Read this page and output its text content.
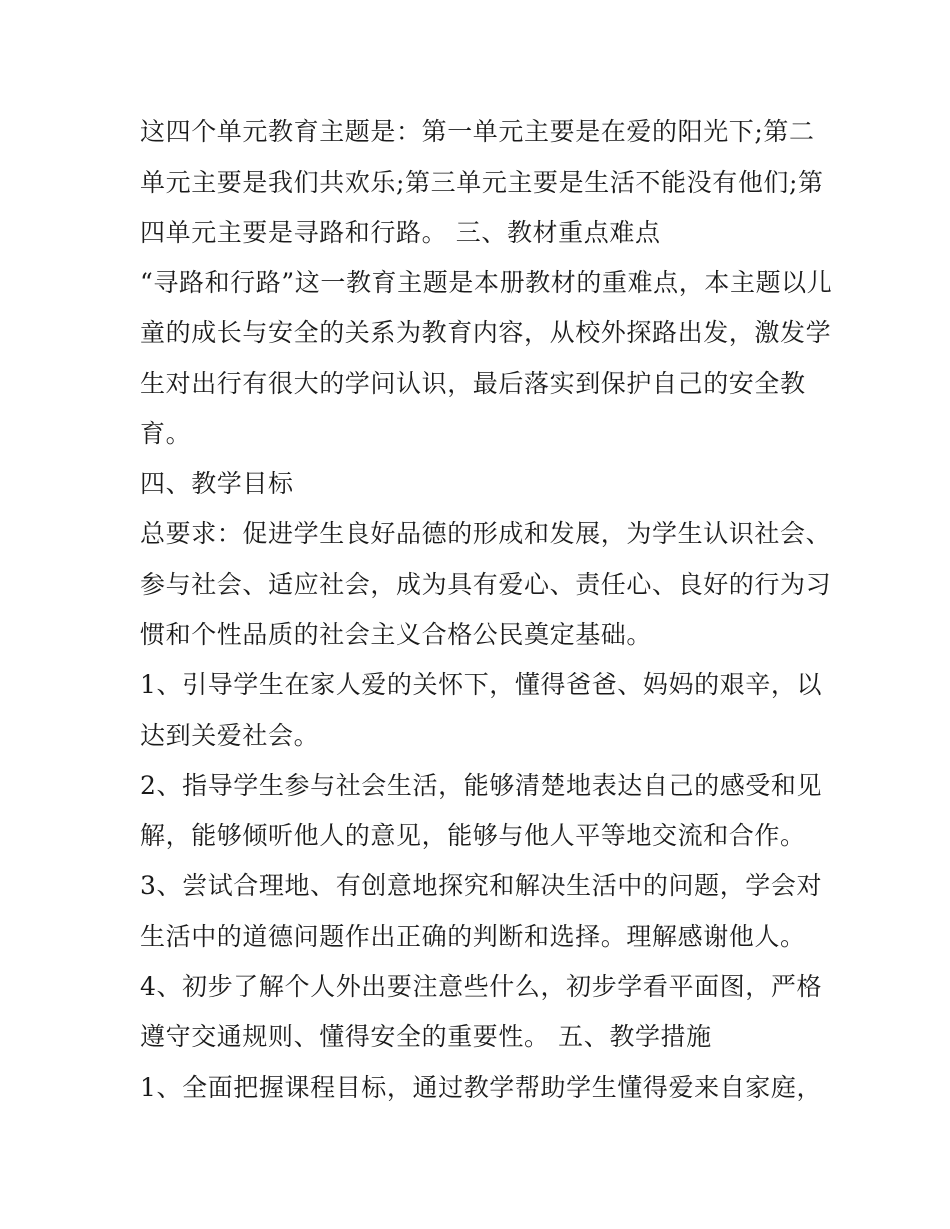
这四个单元教育主题是：第一单元主要是在爱的阳光下;第二
单元主要是我们共欢乐;第三单元主要是生活不能没有他们;第
四单元主要是寻路和行路。 三、教材重点难点
“寻路和行路”这一教育主题是本册教材的重难点，本主题以儿
童的成长与安全的关系为教育内容，从校外探路出发，激发学
生对出行有很大的学问认识，最后落实到保护自己的安全教
育。
四、教学目标
总要求：促进学生良好品德的形成和发展，为学生认识社会、
参与社会、适应社会，成为具有爱心、责任心、良好的行为习
惯和个性品质的社会主义合格公民奠定基础。
1、引导学生在家人爱的关怀下，懂得爸爸、妈妈的艰辛，以
达到关爱社会。
2、指导学生参与社会生活，能够清楚地表达自己的感受和见
解，能够倾听他人的意见，能够与他人平等地交流和合作。
3、尝试合理地、有创意地探究和解决生活中的问题，学会对
生活中的道德问题作出正确的判断和选择。理解感谢他人。
4、初步了解个人外出要注意些什么，初步学看平面图，严格
遵守交通规则、懂得安全的重要性。 五、教学措施
1、全面把握课程目标，通过教学帮助学生懂得爱来自家庭，
